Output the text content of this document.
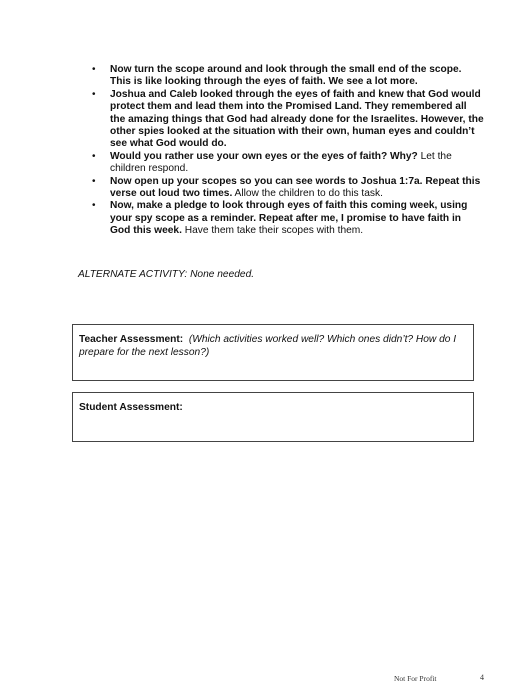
• Now turn the scope around and look through the small end of the scope. This is like looking through the eyes of faith. We see a lot more.
• Joshua and Caleb looked through the eyes of faith and knew that God would protect them and lead them into the Promised Land. They remembered all the amazing things that God had already done for the Israelites. However, the other spies looked at the situation with their own, human eyes and couldn’t see what God would do.
• Would you rather use your own eyes or the eyes of faith? Why? Let the children respond.
• Now open up your scopes so you can see words to Joshua 1:7a. Repeat this verse out loud two times. Allow the children to do this task.
• Now, make a pledge to look through eyes of faith this coming week, using your spy scope as a reminder. Repeat after me, I promise to have faith in God this week. Have them take their scopes with them.
ALTERNATE ACTIVITY: None needed.
Teacher Assessment: (Which activities worked well? Which ones didn’t? How do I prepare for the next lesson?)
Student Assessment:
Not For Profit	4
